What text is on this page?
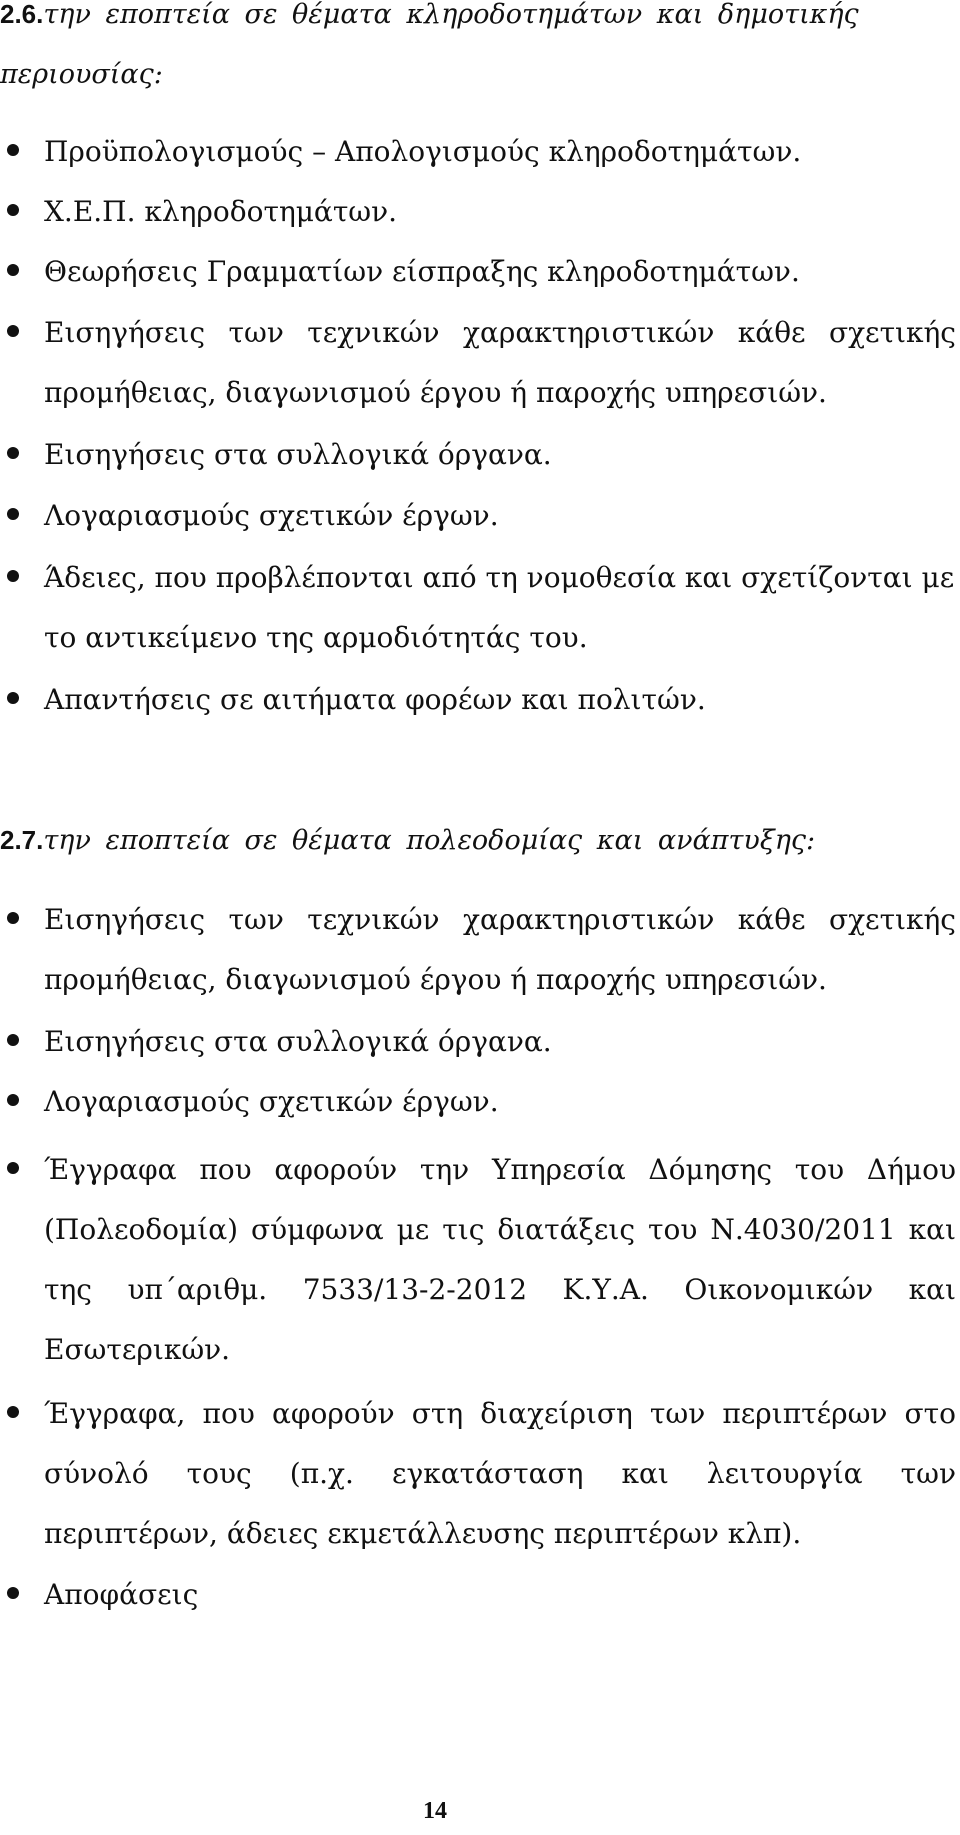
2.6.την εποπτεία σε θέματα κληροδοτημάτων και δημοτικής περιουσίας:
Προϋπολογισμούς – Απολογισμούς κληροδοτημάτων.
Χ.Ε.Π. κληροδοτημάτων.
Θεωρήσεις Γραμματίων είσπραξης κληροδοτημάτων.
Εισηγήσεις των τεχνικών χαρακτηριστικών κάθε σχετικής προμήθειας, διαγωνισμού έργου ή παροχής υπηρεσιών.
Εισηγήσεις στα συλλογικά όργανα.
Λογαριασμούς σχετικών έργων.
Άδειες, που προβλέπονται από τη νομοθεσία και σχετίζονται με το αντικείμενο της αρμοδιότητάς του.
Απαντήσεις σε αιτήματα φορέων και πολιτών.
2.7.την εποπτεία σε θέματα πολεοδομίας και ανάπτυξης:
Εισηγήσεις των τεχνικών χαρακτηριστικών κάθε σχετικής προμήθειας, διαγωνισμού έργου ή παροχής υπηρεσιών.
Εισηγήσεις στα συλλογικά όργανα.
Λογαριασμούς σχετικών έργων.
Έγγραφα που αφορούν την Υπηρεσία Δόμησης του Δήμου (Πολεοδομία) σύμφωνα με τις διατάξεις του Ν.4030/2011 και της υπ΄αριθμ. 7533/13-2-2012 Κ.Υ.Α. Οικονομικών και Εσωτερικών.
Έγγραφα, που αφορούν στη διαχείριση των περιπτέρων στο σύνολό τους (π.χ. εγκατάσταση και λειτουργία των περιπτέρων, άδειες εκμετάλλευσης περιπτέρων κλπ).
Αποφάσεις
14
